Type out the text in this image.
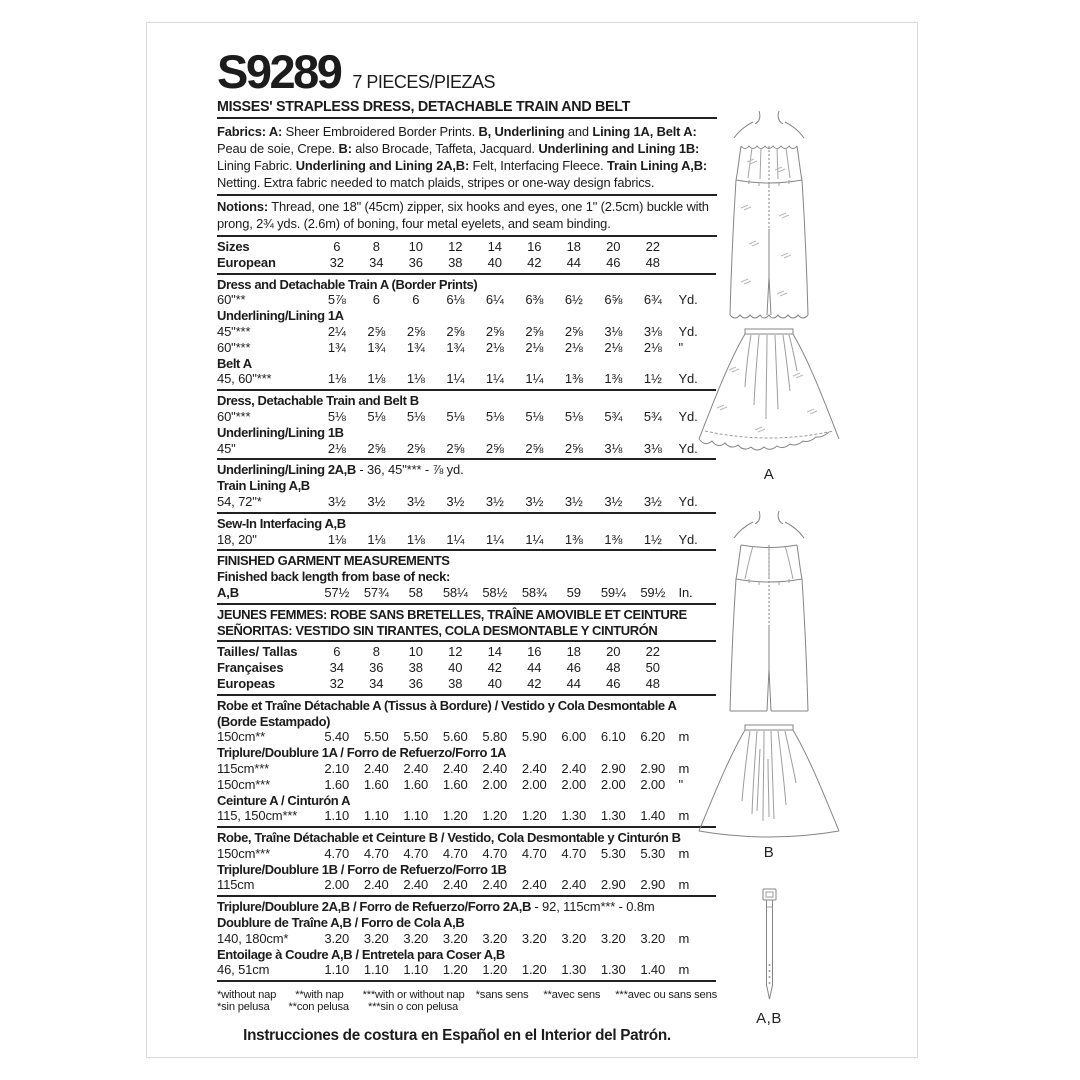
S9289 7 PIECES/PIEZAS
MISSES' STRAPLESS DRESS, DETACHABLE TRAIN AND BELT
Fabrics: A: Sheer Embroidered Border Prints. B, Underlining and Lining 1A, Belt A: Peau de soie, Crepe. B: also Brocade, Taffeta, Jacquard. Underlining and Lining 1B: Lining Fabric. Underlining and Lining 2A,B: Felt, Interfacing Fleece. Train Lining A,B: Netting. Extra fabric needed to match plaids, stripes or one-way design fabrics.
Notions: Thread, one 18" (45cm) zipper, six hooks and eyes, one 1" (2.5cm) buckle with prong, 2¾ yds. (2.6m) of boning, four metal eyelets, and seam binding.
Sizes	6	8	10	12	14	16	18	20	22
European	32	34	36	38	40	42	44	46	48
Dress and Detachable Train A (Border Prints)
60"**	5⅞	6	6	6⅛	6¼	6⅜	6½	6⅝	6¾	Yd.
Underlining/Lining 1A
45"***	2¼	2⅝	2⅝	2⅝	2⅝	2⅝	2⅝	3⅛	3⅛	Yd.
60"***	1¾	1¾	1¾	1¾	2⅛	2⅛	2⅛	2⅛	2⅛	"
Belt A
45, 60"***	1⅛	1⅛	1⅛	1¼	1¼	1¼	1⅜	1⅜	1½	Yd.
Dress, Detachable Train and Belt B
60"***	5⅛	5⅛	5⅛	5⅛	5⅛	5⅛	5⅛	5¾	5¾	Yd.
Underlining/Lining 1B
45"	2⅛	2⅝	2⅝	2⅝	2⅝	2⅝	2⅝	3⅛	3⅛	Yd.
Underlining/Lining 2A,B - 36, 45"*** - ⅞ yd.
Train Lining A,B
54, 72"*	3½	3½	3½	3½	3½	3½	3½	3½	3½	Yd.
Sew-In Interfacing A,B
18, 20"	1⅛	1⅛	1⅛	1¼	1¼	1¼	1⅜	1⅜	1½	Yd.
FINISHED GARMENT MEASUREMENTS
Finished back length from base of neck:
A,B	57½	57¾	58	58¼	58½	58¾	59	59¼	59½	In.
JEUNES FEMMES: ROBE SANS BRETELLES, TRAÎNE AMOVIBLE ET CEINTURE
SEÑORITAS: VESTIDO SIN TIRANTES, COLA DESMONTABLE Y CINTURÓN
Tailles/ Tallas	6	8	10	12	14	16	18	20	22
Françaises	34	36	38	40	42	44	46	48	50
Europeas	32	34	36	38	40	42	44	46	48
Robe et Traîne Détachable A (Tissus à Bordure) / Vestido y Cola Desmontable A (Borde Estampado)
150cm**	5.40	5.50	5.50	5.60	5.80	5.90	6.00	6.10	6.20	m
Triplure/Doublure 1A / Forro de Refuerzo/Forro 1A
115cm***	2.10	2.40	2.40	2.40	2.40	2.40	2.40	2.90	2.90	m
150cm***	1.60	1.60	1.60	1.60	2.00	2.00	2.00	2.00	2.00	"
Ceinture A / Cinturón A
115, 150cm***	1.10	1.10	1.10	1.20	1.20	1.20	1.30	1.30	1.40	m
Robe, Traîne Détachable et Ceinture B / Vestido, Cola Desmontable y Cinturón B
150cm***	4.70	4.70	4.70	4.70	4.70	4.70	4.70	5.30	5.30	m
Triplure/Doublure 1B / Forro de Refuerzo/Forro 1B
115cm	2.00	2.40	2.40	2.40	2.40	2.40	2.40	2.90	2.90	m
Triplure/Doublure 2A,B / Forro de Refuerzo/Forro 2A,B - 92, 115cm*** - 0.8m
Doublure de Traîne A,B / Forro de Cola A,B
140, 180cm*	3.20	3.20	3.20	3.20	3.20	3.20	3.20	3.20	3.20	m
Entoilage à Coudre A,B / Entretela para Coser A,B
46, 51cm	1.10	1.10	1.10	1.20	1.20	1.20	1.30	1.30	1.40	m
*without nap **with nap ***with or without nap *sans sens **avec sens ***avec ou sans sens
*sin pelusa **con pelusa ***sin o con pelusa
Instrucciones de costura en Español en el Interior del Patrón.
A
B
A,B
